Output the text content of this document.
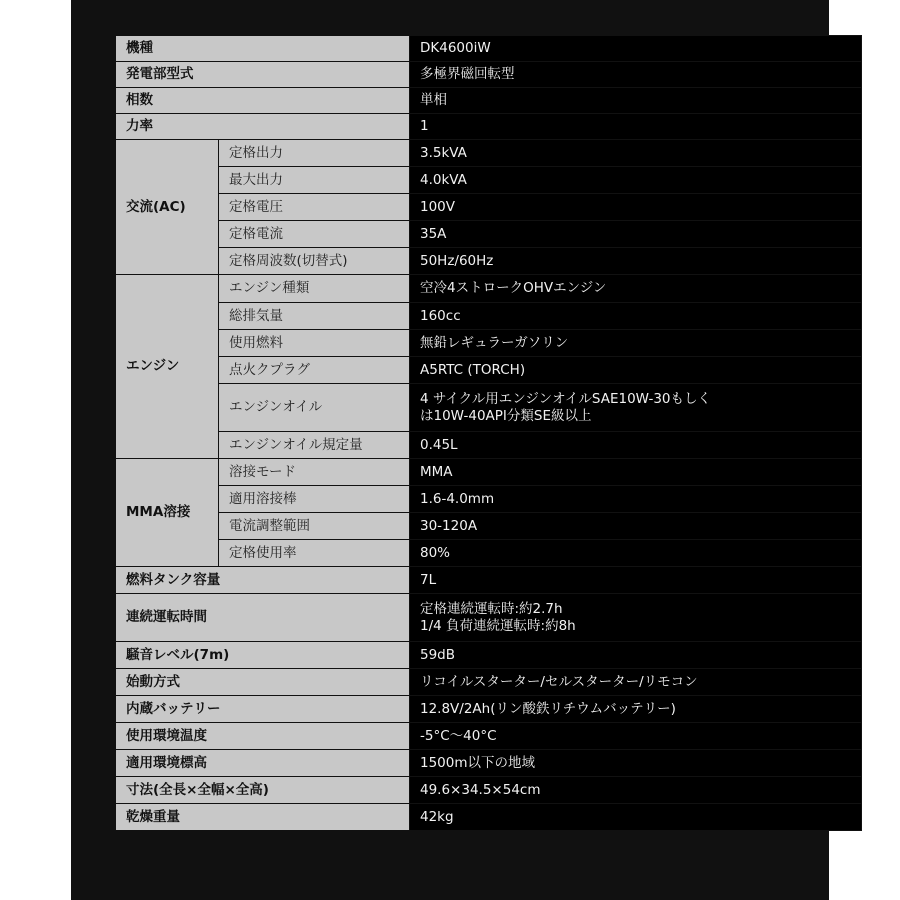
機種		DK4600iW
発電部型式		多極界磁回転型
相数		単相
力率		1
交流(AC)	定格出力	3.5kVA
	最大出力	4.0kVA
	定格電圧	100V
	定格電流	35A
	定格周波数(切替式)	50Hz/60Hz
エンジン	エンジン種類	空冷4ストロークOHVエンジン
	総排気量	160cc
	使用燃料	無鉛レギュラーガソリン
	点火クプラグ	A5RTC (TORCH)
	エンジンオイル	4 サイクル用エンジンオイルSAE10W-30もしく
は10W-40API分類SE級以上

	エンジンオイル規定量	0.45L
MMA溶接	溶接モード	MMA
	適用溶接棒	1.6-4.0mm
	電流調整範囲	30-120A
	定格使用率	80%
燃料タンク容量		7L
連続運転時間		定格連続運転時:約2.7h
1/4 負荷連続運転時:約8h

騒音レベル(7m)		59dB
始動方式		リコイルスターター/セルスターター/リモコン
内蔵バッテリー		12.8V/2Ah(リン酸鉄リチウムバッテリー)
使用環境温度		-5°C～40°C
適用環境標高		1500m以下の地域
寸法(全長×全幅×全高)		49.6×34.5×54cm
乾燥重量		42kg
